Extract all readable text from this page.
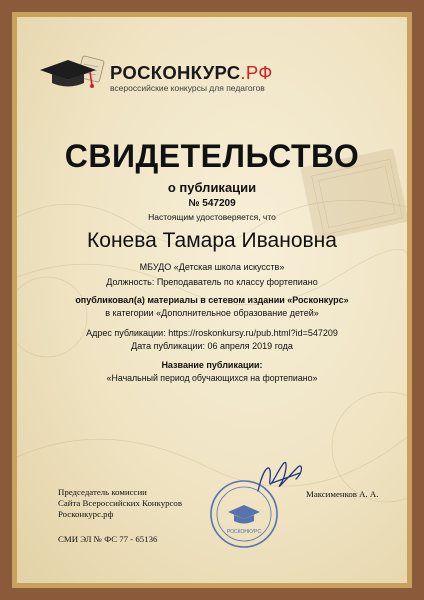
РОСКОНКУРС.РФ
всероссийские конкурсы для педагогов
СВИДЕТЕЛЬСТВО
о публикации
№ 547209
Настоящим удостоверяется, что
Конева Тамара Ивановна
МБУДО «Детская школа искусств»
Должность: Преподаватель по классу фортепиано
опубликовал(а) материалы в сетевом издании «Росконкурс»
в категории «Дополнительное образование детей»
Адрес публикации: https://roskonkursy.ru/pub.html?id=547209
Дата публикации: 06 апреля 2019 года
Название публикации:
«Начальный период обучающихся на фортепиано»
РОСКОНКУРС
Председатель комиссии
Сайта Всероссийских Конкурсов
Росконкурс.рф
Максименков А. А.
СМИ ЭЛ № ФС 77 - 65136
